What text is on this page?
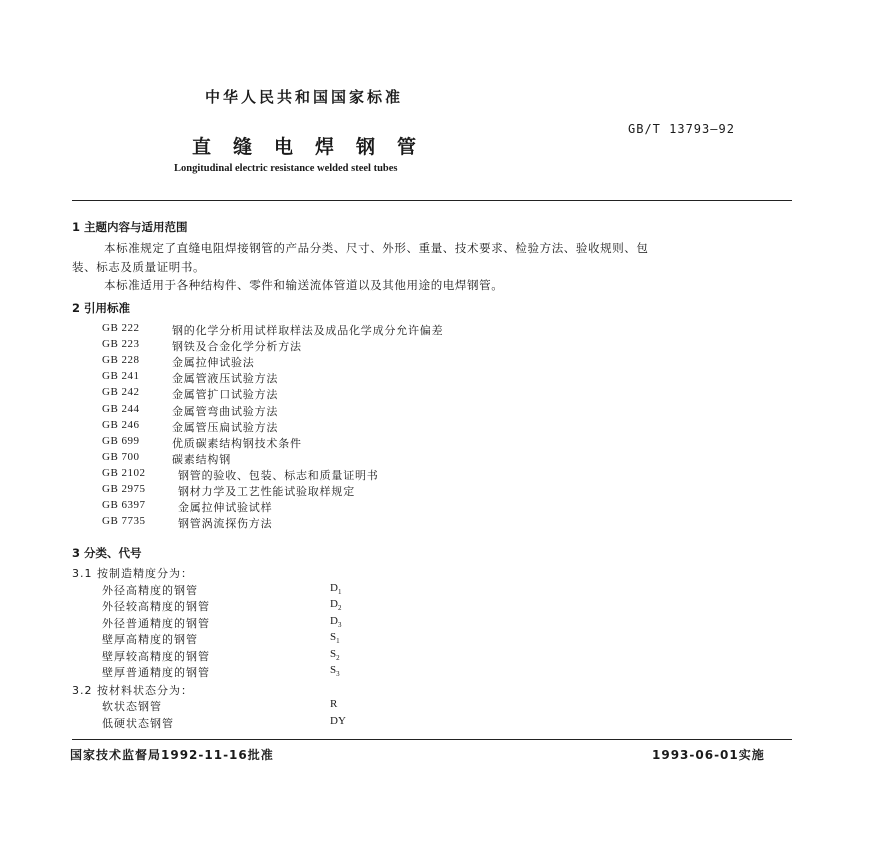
中华人民共和国国家标准
GB/T 13793—92
直缝电焊钢管
Longitudinal electric resistance welded steel tubes
1 主题内容与适用范围
本标准规定了直缝电阻焊接钢管的产品分类、尺寸、外形、重量、技术要求、检验方法、验收规则、包
装、标志及质量证明书。
本标准适用于各种结构件、零件和输送流体管道以及其他用途的电焊钢管。
2 引用标准
GB 222	钢的化学分析用试样取样法及成品化学成分允许偏差
GB 223	钢铁及合金化学分析方法
GB 228	金属拉伸试验法
GB 241	金属管液压试验方法
GB 242	金属管扩口试验方法
GB 244	金属管弯曲试验方法
GB 246	金属管压扁试验方法
GB 699	优质碳素结构钢技术条件
GB 700	碳素结构钢
GB 2102	钢管的验收、包装、标志和质量证明书
GB 2975	钢材力学及工艺性能试验取样规定
GB 6397	金属拉伸试验试样
GB 7735	钢管涡流探伤方法
3 分类、代号
3.1 按制造精度分为：
外径高精度的钢管	$D_1$
外径较高精度的钢管	$D_2$
外径普通精度的钢管	$D_3$
壁厚高精度的钢管	$S_1$
壁厚较高精度的钢管	$S_2$
壁厚普通精度的钢管	$S_3$
3.2 按材料状态分为：
软状态钢管	R
低硬状态钢管	DY
国家技术监督局1992-11-16批准	1993-06-01实施
